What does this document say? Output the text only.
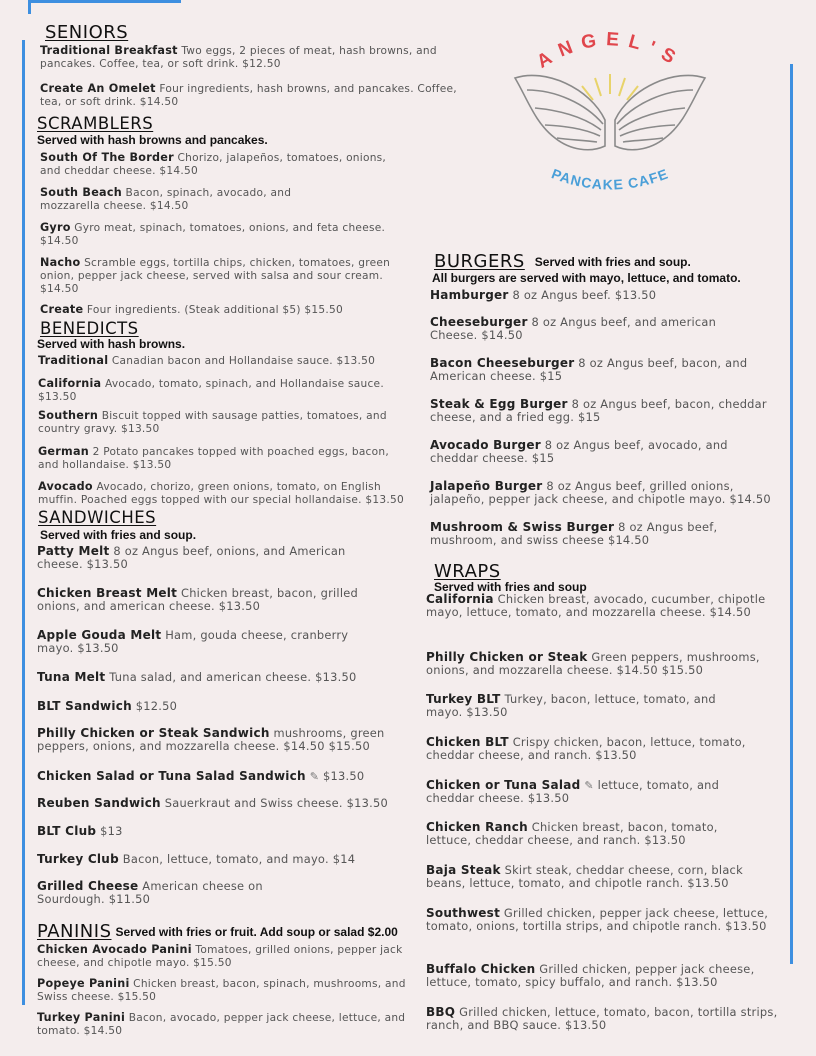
ANGEL'S
PANCAKE CAFE
SENIORS
Traditional Breakfast Two eggs, 2 pieces of meat, hash browns, and pancakes. Coffee, tea, or soft drink. $12.50
Create An Omelet Four ingredients, hash browns, and pancakes. Coffee, tea, or soft drink. $14.50
SCRAMBLERS
Served with hash browns and pancakes.
South Of The Border Chorizo, jalapeños, tomatoes, onions, and cheddar cheese. $14.50
South Beach Bacon, spinach, avocado, and mozzarella cheese. $14.50
Gyro Gyro meat, spinach, tomatoes, onions, and feta cheese. $14.50
Nacho Scramble eggs, tortilla chips, chicken, tomatoes, green onion, pepper jack cheese, served with salsa and sour cream. $14.50
Create Four ingredients. (Steak additional $5) $15.50
BENEDICTS
Served with hash browns.
Traditional Canadian bacon and Hollandaise sauce. $13.50
California Avocado, tomato, spinach, and Hollandaise sauce. $13.50
Southern Biscuit topped with sausage patties, tomatoes, and country gravy. $13.50
German 2 Potato pancakes topped with poached eggs, bacon, and hollandaise. $13.50
Avocado Avocado, chorizo, green onions, tomato, on English muffin. Poached eggs topped with our special hollandaise. $13.50
SANDWICHES
Served with fries and soup.
Patty Melt 8 oz Angus beef, onions, and American cheese. $13.50
Chicken Breast Melt Chicken breast, bacon, grilled onions, and american cheese. $13.50
Apple Gouda Melt Ham, gouda cheese, cranberry mayo. $13.50
Tuna Melt Tuna salad, and american cheese. $13.50
BLT Sandwich $12.50
Philly Chicken or Steak Sandwich mushrooms, green peppers, onions, and mozzarella cheese. $14.50 $15.50
Chicken Salad or Tuna Salad Sandwich ✎ $13.50
Reuben Sandwich Sauerkraut and Swiss cheese. $13.50
BLT Club $13
Turkey Club Bacon, lettuce, tomato, and mayo. $14
Grilled Cheese American cheese on Sourdough. $11.50
PANINIS Served with fries or fruit. Add soup or salad $2.00
Chicken Avocado Panini Tomatoes, grilled onions, pepper jack cheese, and chipotle mayo. $15.50
Popeye Panini Chicken breast, bacon, spinach, mushrooms, and Swiss cheese. $15.50
Turkey Panini Bacon, avocado, pepper jack cheese, lettuce, and tomato. $14.50
BURGERS Served with fries and soup.
All burgers are served with mayo, lettuce, and tomato.
Hamburger 8 oz Angus beef. $13.50
Cheeseburger 8 oz Angus beef, and american Cheese. $14.50
Bacon Cheeseburger 8 oz Angus beef, bacon, and American cheese. $15
Steak & Egg Burger 8 oz Angus beef, bacon, cheddar cheese, and a fried egg. $15
Avocado Burger 8 oz Angus beef, avocado, and cheddar cheese. $15
Jalapeño Burger 8 oz Angus beef, grilled onions, jalapeño, pepper jack cheese, and chipotle mayo. $14.50
Mushroom & Swiss Burger 8 oz Angus beef, mushroom, and swiss cheese $14.50
WRAPS
Served with fries and soup
California Chicken breast, avocado, cucumber, chipotle mayo, lettuce, tomato, and mozzarella cheese. $14.50
Philly Chicken or Steak Green peppers, mushrooms, onions, and mozzarella cheese. $14.50 $15.50
Turkey BLT Turkey, bacon, lettuce, tomato, and mayo. $13.50
Chicken BLT Crispy chicken, bacon, lettuce, tomato, cheddar cheese, and ranch. $13.50
Chicken or Tuna Salad ✎ lettuce, tomato, and cheddar cheese. $13.50
Chicken Ranch Chicken breast, bacon, tomato, lettuce, cheddar cheese, and ranch. $13.50
Baja Steak Skirt steak, cheddar cheese, corn, black beans, lettuce, tomato, and chipotle ranch. $13.50
Southwest Grilled chicken, pepper jack cheese, lettuce, tomato, onions, tortilla strips, and chipotle ranch. $13.50
Buffalo Chicken Grilled chicken, pepper jack cheese, lettuce, tomato, spicy buffalo, and ranch. $13.50
BBQ Grilled chicken, lettuce, tomato, bacon, tortilla strips, ranch, and BBQ sauce. $13.50
